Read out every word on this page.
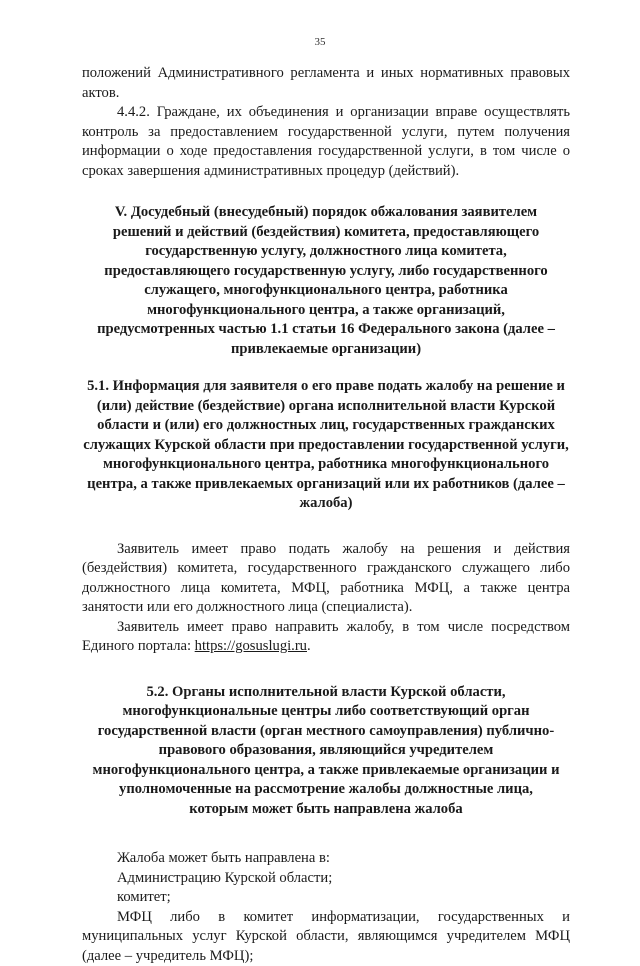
35

положений Административного регламента и иных нормативных правовых актов.

4.4.2. Граждане, их объединения и организации вправе осуществлять контроль за предоставлением государственной услуги, путем получения информации о ходе предоставления государственной услуги, в том числе о сроках завершения административных процедур (действий).

V. Досудебный (внесудебный) порядок обжалования заявителем решений и действий (бездействия) комитета, предоставляющего государственную услугу, должностного лица комитета, предоставляющего государственную услугу, либо государственного служащего, многофункционального центра, работника многофункционального центра, а также организаций, предусмотренных частью 1.1 статьи 16 Федерального закона (далее – привлекаемые организации)

5.1. Информация для заявителя о его праве подать жалобу на решение и (или) действие (бездействие) органа исполнительной власти Курской области и (или) его должностных лиц, государственных гражданских служащих Курской области при предоставлении государственной услуги, многофункционального центра, работника многофункционального центра, а также привлекаемых организаций или их работников (далее – жалоба)

Заявитель имеет право подать жалобу на решения и действия (бездействия) комитета, государственного гражданского служащего либо должностного лица комитета, МФЦ, работника МФЦ, а также центра занятости или его должностного лица (специалиста).

Заявитель имеет право направить жалобу, в том числе посредством Единого портала: https://gosuslugi.ru.

5.2. Органы исполнительной власти Курской области, многофункциональные центры либо соответствующий орган государственной власти (орган местного самоуправления) публично-правового образования, являющийся учредителем многофункционального центра, а также привлекаемые организации и уполномоченные на рассмотрение жалобы должностные лица, которым может быть направлена жалоба

Жалоба может быть направлена в:

Администрацию Курской области;

комитет;

МФЦ либо в комитет информатизации, государственных и муниципальных услуг Курской области, являющимся учредителем МФЦ (далее – учредитель МФЦ);
